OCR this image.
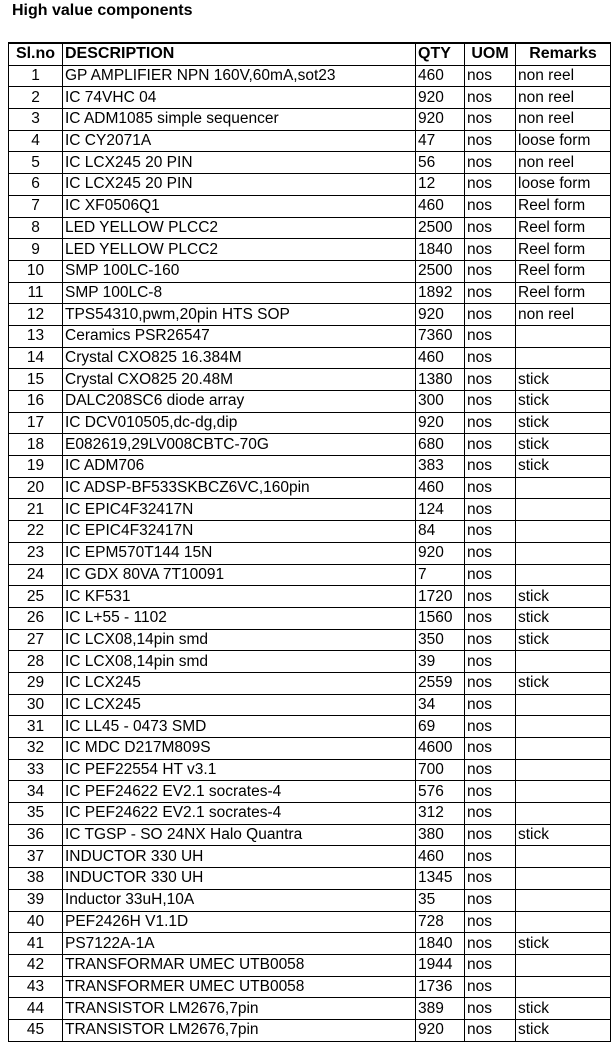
High value components
Sl.no	DESCRIPTION	QTY	UOM	Remarks
1	GP AMPLIFIER NPN 160V,60mA,sot23	460	nos	non reel
2	IC 74VHC 04	920	nos	non reel
3	IC ADM1085 simple sequencer	920	nos	non reel
4	IC CY2071A	47	nos	loose form
5	IC LCX245 20 PIN	56	nos	non reel
6	IC LCX245 20 PIN	12	nos	loose form
7	IC XF0506Q1	460	nos	Reel form
8	LED YELLOW PLCC2	2500	nos	Reel form
9	LED YELLOW PLCC2	1840	nos	Reel form
10	SMP 100LC-160	2500	nos	Reel form
11	SMP 100LC-8	1892	nos	Reel form
12	TPS54310,pwm,20pin HTS SOP	920	nos	non reel
13	Ceramics PSR26547	7360	nos	
14	Crystal CXO825 16.384M	460	nos	
15	Crystal CXO825 20.48M	1380	nos	stick
16	DALC208SC6 diode array	300	nos	stick
17	IC DCV010505,dc-dg,dip	920	nos	stick
18	E082619,29LV008CBTC-70G	680	nos	stick
19	IC ADM706	383	nos	stick
20	IC ADSP-BF533SKBCZ6VC,160pin	460	nos	
21	IC EPIC4F32417N	124	nos	
22	IC EPIC4F32417N	84	nos	
23	IC EPM570T144 15N	920	nos	
24	IC GDX 80VA 7T10091	7	nos	
25	IC KF531	1720	nos	stick
26	IC L+55 - 1102	1560	nos	stick
27	IC LCX08,14pin smd	350	nos	stick
28	IC LCX08,14pin smd	39	nos	
29	IC LCX245	2559	nos	stick
30	IC LCX245	34	nos	
31	IC LL45 - 0473 SMD	69	nos	
32	IC MDC D217M809S	4600	nos	
33	IC PEF22554 HT v3.1	700	nos	
34	IC PEF24622 EV2.1 socrates-4	576	nos	
35	IC PEF24622 EV2.1 socrates-4	312	nos	
36	IC TGSP - SO 24NX Halo Quantra	380	nos	stick
37	INDUCTOR 330 UH	460	nos	
38	INDUCTOR 330 UH	1345	nos	
39	Inductor 33uH,10A	35	nos	
40	PEF2426H V1.1D	728	nos	
41	PS7122A-1A	1840	nos	stick
42	TRANSFORMAR UMEC UTB0058	1944	nos	
43	TRANSFORMER UMEC UTB0058	1736	nos	
44	TRANSISTOR LM2676,7pin	389	nos	stick
45	TRANSISTOR LM2676,7pin	920	nos	stick
